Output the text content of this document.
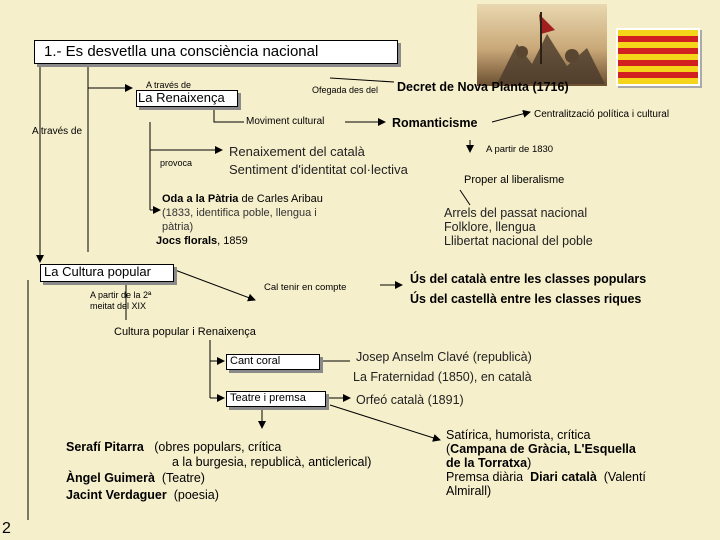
1.- Es desvetlla una consciència nacional
A través de
La Renaixença	Ofegada des del Decret de Nova Planta (1716)
Moviment cultural	Romanticisme
Centralització política i cultural
A través de
provoca
Renaixement del català
Sentiment d'identitat col·lectiva
A partir de 1830
Proper al liberalisme
Oda a la Pàtria de Carles Aribau
(1833, identifica poble, llengua i
pàtria)
Jocs florals, 1859
Arrels del passat nacional
Folklore, llengua
Llibertat nacional del poble
La Cultura popular
Cal tenir en compte
Ús del català entre les classes populars
Ús del castellà entre les classes riques
A partir de la 2ª
meitat del XIX
Cultura popular i Renaixença
Cant coral
Teatre i premsa
Josep Anselm Clavé (republicà)
La Fraternidad (1850), en català
Orfeó català (1891)
Serafí Pitarra (obres populars, crítica
a la burgesia, republicà, anticlerical)
Àngel Guimerà (Teatre)
Jacint Verdaguer (poesia)
Satírica, humorista, crítica
(Campana de Gràcia, L'Esquella
de la Torratxa)
Premsa diària Diari català (Valentí
Almirall)
2
